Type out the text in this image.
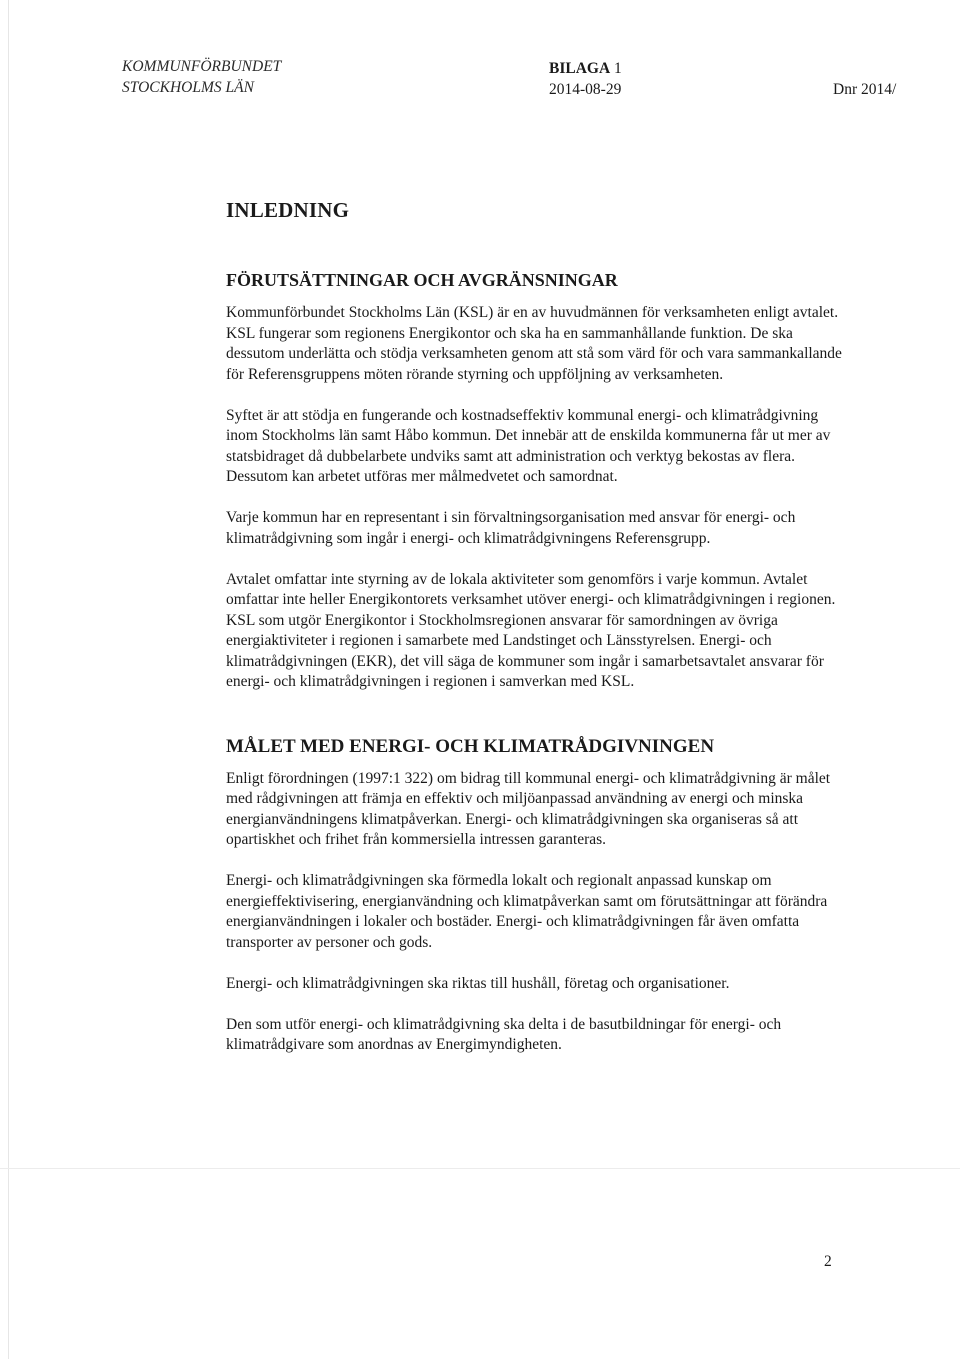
KOMMUNFÖRBUNDET
STOCKHOLMS LÄN
BILAGA 1
2014-08-29	Dnr 2014/
INLEDNING
FÖRUTSÄTTNINGAR OCH AVGRÄNSNINGAR

Kommunförbundet Stockholms Län (KSL) är en av huvudmännen för verksamheten enligt avtalet. KSL fungerar som regionens Energikontor och ska ha en sammanhållande funktion. De ska dessutom underlätta och stödja verksamheten genom att stå som värd för och vara sammankallande för Referensgruppens möten rörande styrning och uppföljning av verksamheten.

Syftet är att stödja en fungerande och kostnadseffektiv kommunal energi- och klimatrådgivning inom Stockholms län samt Håbo kommun. Det innebär att de enskilda kommunerna får ut mer av statsbidraget då dubbelarbete undviks samt att administration och verktyg bekostas av flera. Dessutom kan arbetet utföras mer målmedvetet och samordnat.

Varje kommun har en representant i sin förvaltningsorganisation med ansvar för energi- och klimatrådgivning som ingår i energi- och klimatrådgivningens Referensgrupp.

Avtalet omfattar inte styrning av de lokala aktiviteter som genomförs i varje kommun. Avtalet omfattar inte heller Energikontorets verksamhet utöver energi- och klimatrådgivningen i regionen. KSL som utgör Energikontor i Stockholmsregionen ansvarar för samordningen av övriga energiaktiviteter i regionen i samarbete med Landstinget och Länsstyrelsen. Energi- och klimatrådgivningen (EKR), det vill säga de kommuner som ingår i samarbetsavtalet ansvarar för energi- och klimatrådgivningen i regionen i samverkan med KSL.

MÅLET MED ENERGI- OCH KLIMATRÅDGIVNINGEN

Enligt förordningen (1997:1 322) om bidrag till kommunal energi- och klimatrådgivning är målet med rådgivningen att främja en effektiv och miljöanpassad användning av energi och minska energianvändningens klimatpåverkan. Energi- och klimatrådgivningen ska organiseras så att opartiskhet och frihet från kommersiella intressen garanteras.

Energi- och klimatrådgivningen ska förmedla lokalt och regionalt anpassad kunskap om energieffektivisering, energianvändning och klimatpåverkan samt om förutsättningar att förändra energianvändningen i lokaler och bostäder. Energi- och klimatrådgivningen får även omfatta transporter av personer och gods.

Energi- och klimatrådgivningen ska riktas till hushåll, företag och organisationer.

Den som utför energi- och klimatrådgivning ska delta i de basutbildningar för energi- och klimatrådgivare som anordnas av Energimyndigheten.

2
